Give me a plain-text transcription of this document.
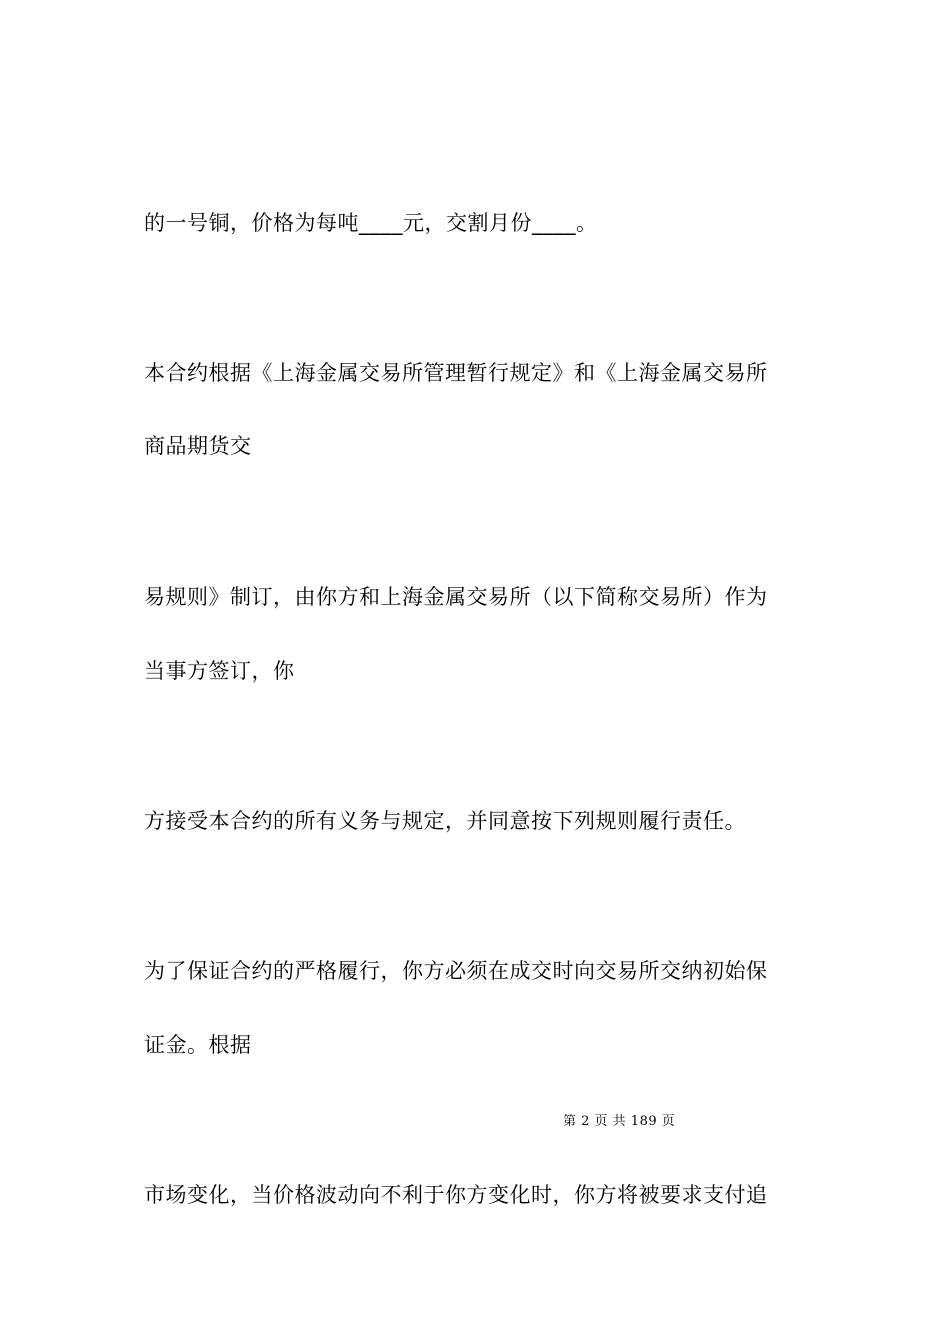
的一号铜，价格为每吨____元，交割月份____。
本合约根据《上海金属交易所管理暂行规定》和《上海金属交易所
商品期货交
易规则》制订，由你方和上海金属交易所（以下简称交易所）作为
当事方签订，你
方接受本合约的所有义务与规定，并同意按下列规则履行责任。
为了保证合约的严格履行，你方必须在成交时向交易所交纳初始保
证金。根据
第 2 页 共 189 页
市场变化，当价格波动向不利于你方变化时，你方将被要求支付追
